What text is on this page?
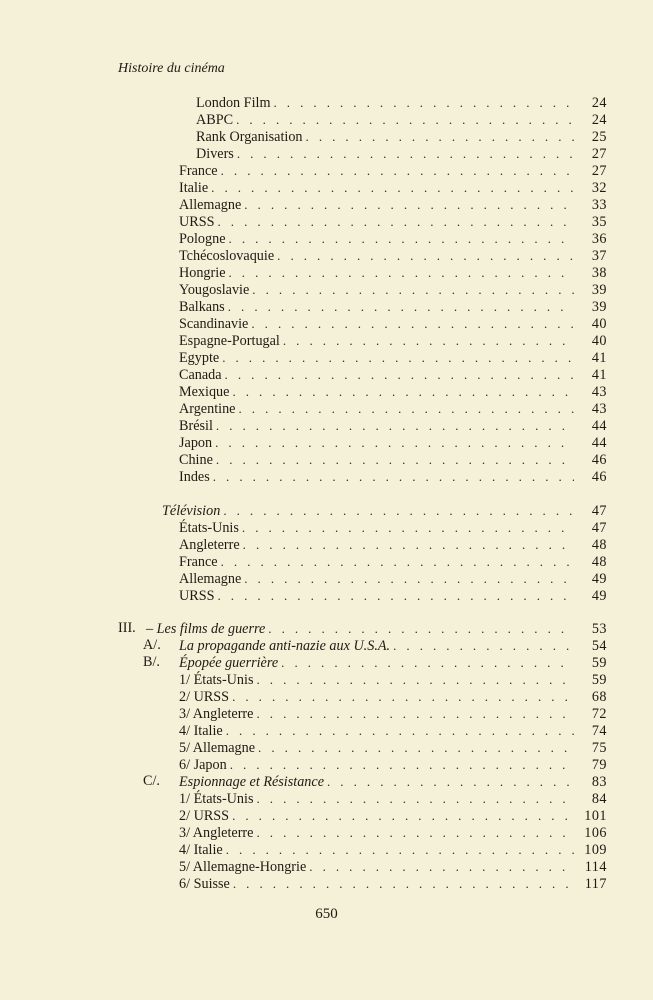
Histoire du cinéma
London Film . . .	24
ABPC . . .	24
Rank Organisation . . .	25
Divers . . .	27
France . . .	27
Italie . . .	32
Allemagne . . .	33
URSS . . .	35
Pologne . . .	36
Tchécoslovaquie . . .	37
Hongrie . . .	38
Yougoslavie . . .	39
Balkans . . .	39
Scandinavie . . .	40
Espagne-Portugal . . .	40
Egypte . . .	41
Canada . . .	41
Mexique . . .	43
Argentine . . .	43
Brésil . . .	44
Japon . . .	44
Chine . . .	46
Indes . . .	46
Télévision . . .	47
États-Unis . . .	47
Angleterre . . .	48
France . . .	48
Allemagne . . .	49
URSS . . .	49
III. – Les films de guerre . . .	53
A/. La propagande anti-nazie aux U.S.A. . . .	54
B/. Épopée guerrière . . .	59
1/ États-Unis . . .	59
2/ URSS . . .	68
3/ Angleterre . . .	72
4/ Italie . . .	74
5/ Allemagne . . .	75
6/ Japon . . .	79
C/. Espionnage et Résistance . . .	83
1/ États-Unis . . .	84
2/ URSS . . .	101
3/ Angleterre . . .	106
4/ Italie . . .	109
5/ Allemagne-Hongrie . . .	114
6/ Suisse . . .	117
650
